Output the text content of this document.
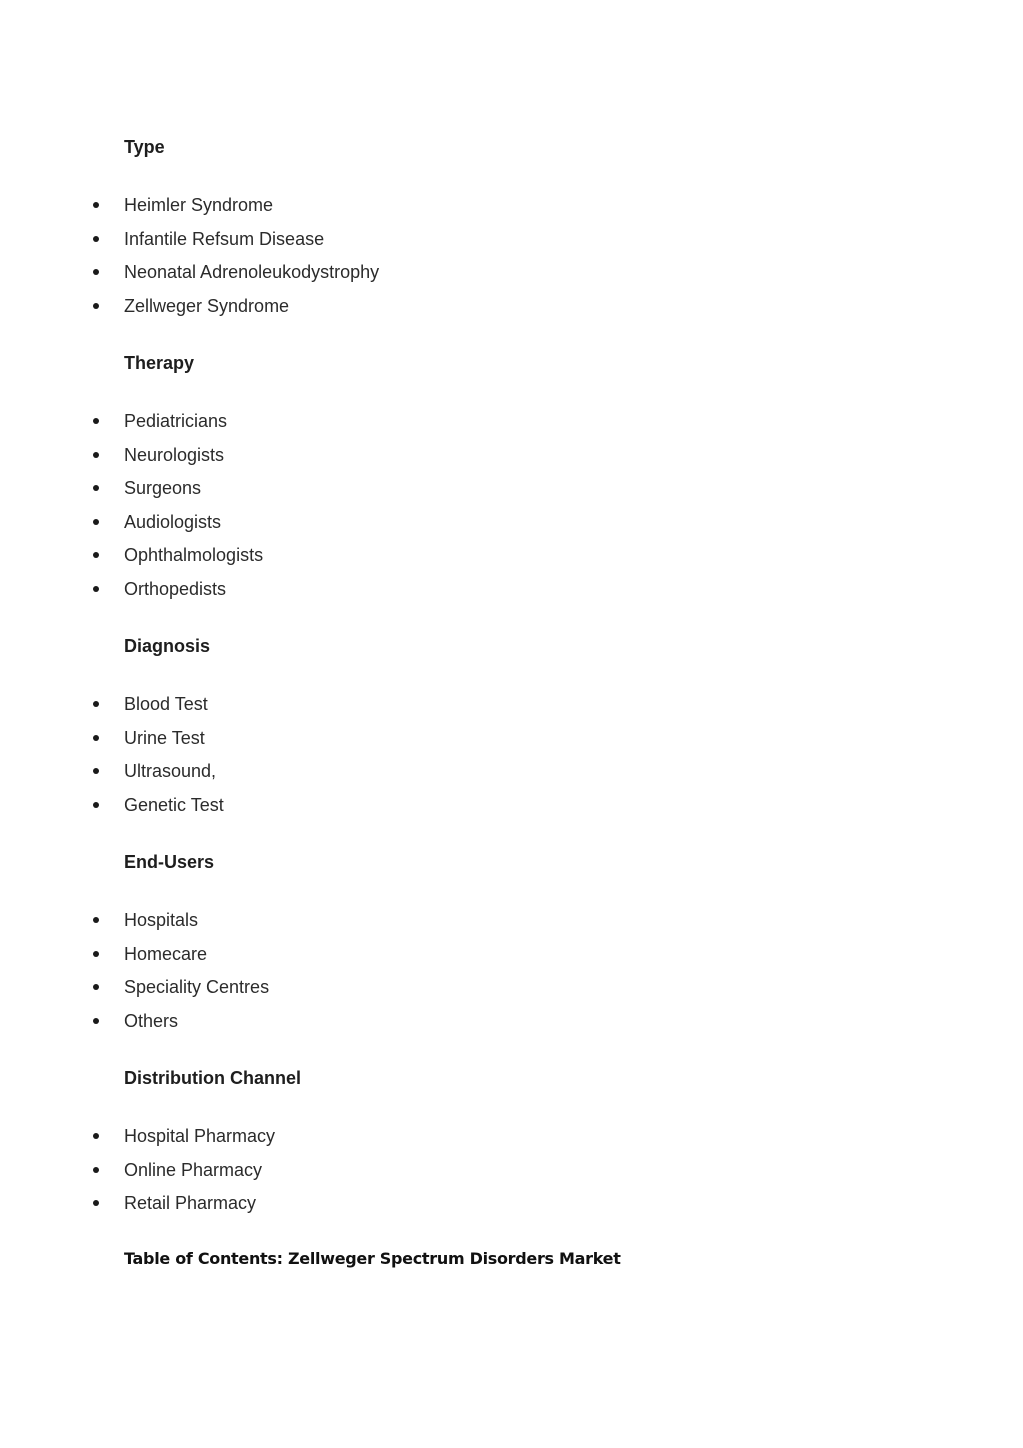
Type
Heimler Syndrome
Infantile Refsum Disease
Neonatal Adrenoleukodystrophy
Zellweger Syndrome
Therapy
Pediatricians
Neurologists
Surgeons
Audiologists
Ophthalmologists
Orthopedists
Diagnosis
Blood Test
Urine Test
Ultrasound,
Genetic Test
End-Users
Hospitals
Homecare
Speciality Centres
Others
Distribution Channel
Hospital Pharmacy
Online Pharmacy
Retail Pharmacy
Table of Contents: Zellweger Spectrum Disorders Market
